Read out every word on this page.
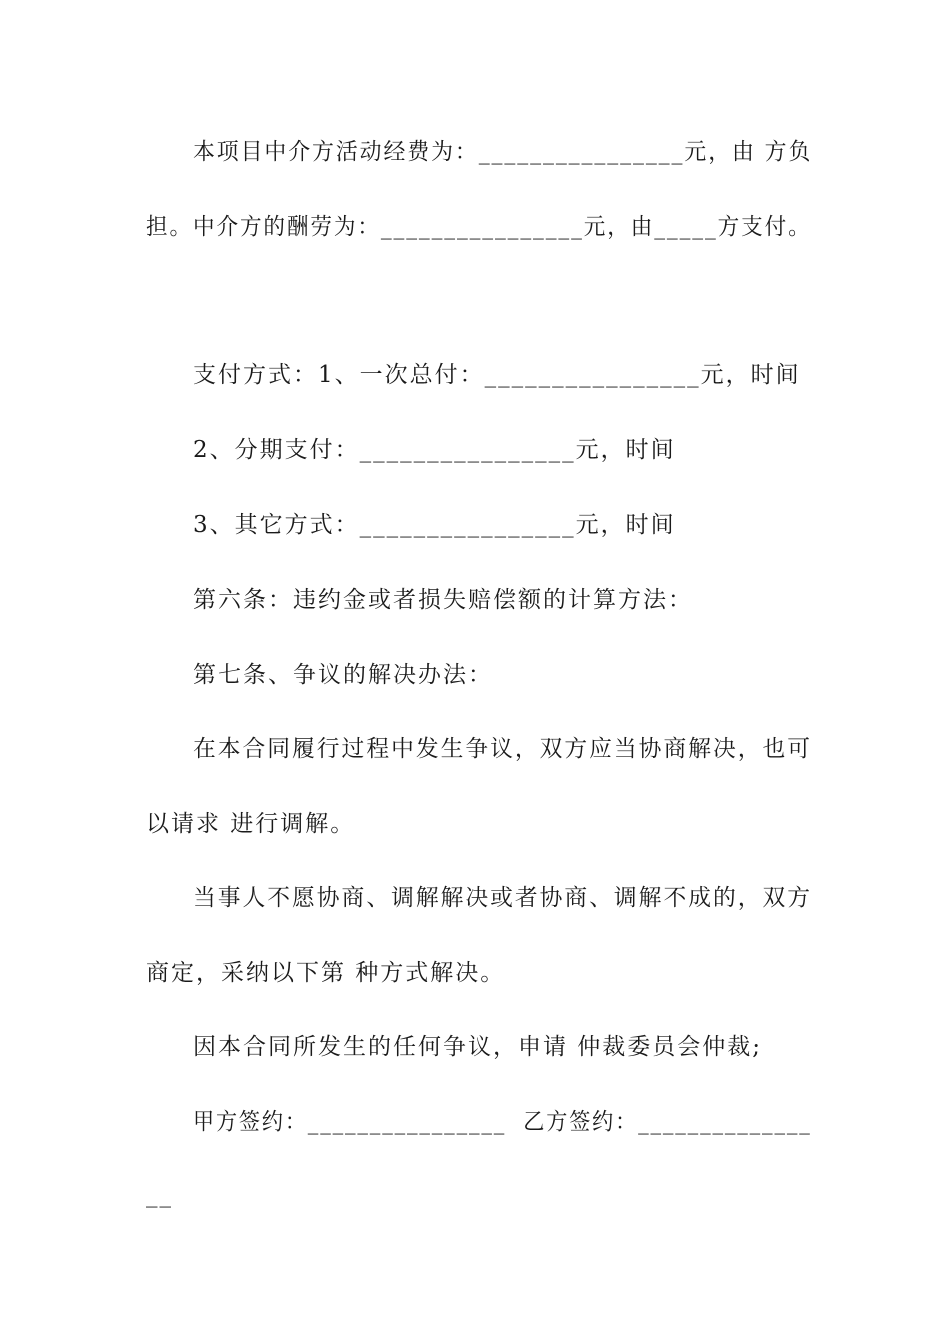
本项目中介方活动经费为：________________元，由 方负
担。中介方的酬劳为：________________元，由_____方支付。
支付方式：1、一次总付：________________元，时间
2、分期支付：________________元，时间
3、其它方式：________________元，时间
第六条：违约金或者损失赔偿额的计算方法：
第七条、争议的解决办法：
在本合同履行过程中发生争议，双方应当协商解决，也可
以请求 进行调解。
当事人不愿协商、调解解决或者协商、调解不成的，双方
商定，采纳以下第 种方式解决。
因本合同所发生的任何争议，申请 仲裁委员会仲裁;
甲方签约：________________  乙方签约：______________
__
